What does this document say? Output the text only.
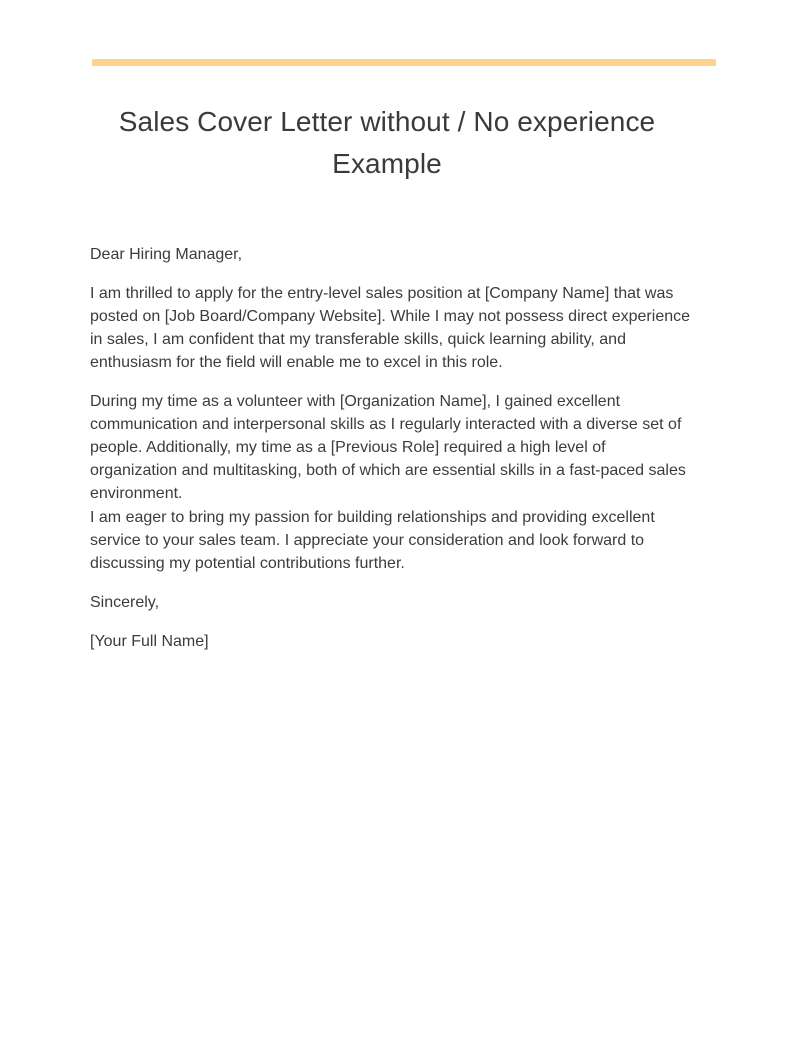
Sales Cover Letter without / No experience Example

Dear Hiring Manager,

I am thrilled to apply for the entry-level sales position at [Company Name] that was posted on [Job Board/Company Website]. While I may not possess direct experience in sales, I am confident that my transferable skills, quick learning ability, and enthusiasm for the field will enable me to excel in this role.

During my time as a volunteer with [Organization Name], I gained excellent communication and interpersonal skills as I regularly interacted with a diverse set of people. Additionally, my time as a [Previous Role] required a high level of organization and multitasking, both of which are essential skills in a fast-paced sales environment.

I am eager to bring my passion for building relationships and providing excellent service to your sales team. I appreciate your consideration and look forward to discussing my potential contributions further.

Sincerely,

[Your Full Name]
